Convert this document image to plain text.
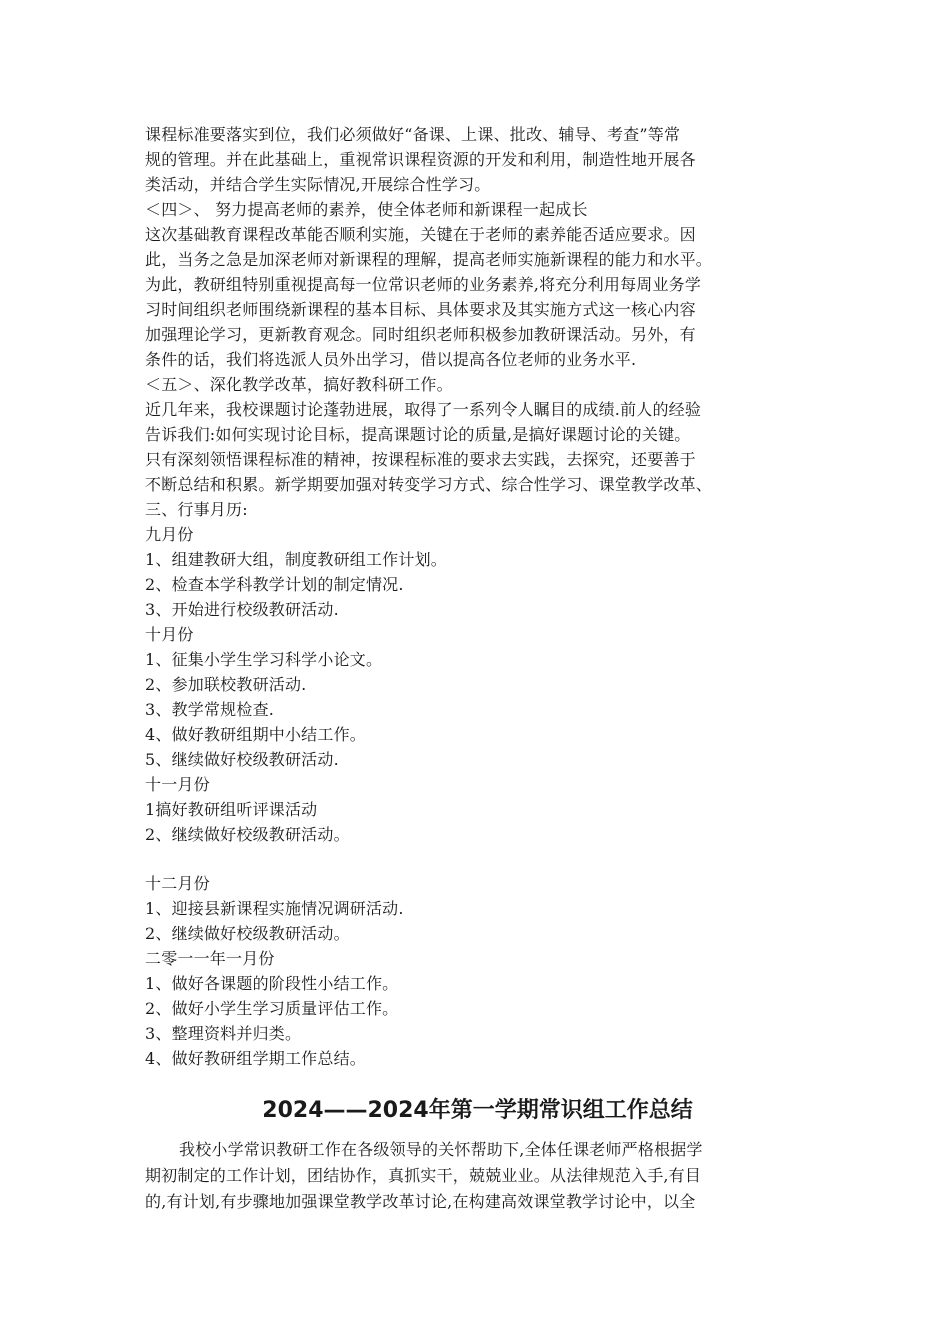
课程标准要落实到位，我们必须做好“备课、上课、批改、辅导、考查”等常
规的管理。并在此基础上，重视常识课程资源的开发和利用，制造性地开展各
类活动，并结合学生实际情况,开展综合性学习。
＜四＞、 努力提高老师的素养，使全体老师和新课程一起成长
这次基础教育课程改革能否顺利实施，关键在于老师的素养能否适应要求。因
此，当务之急是加深老师对新课程的理解，提高老师实施新课程的能力和水平。
为此，教研组特别重视提高每一位常识老师的业务素养,将充分利用每周业务学
习时间组织老师围绕新课程的基本目标、具体要求及其实施方式这一核心内容
加强理论学习，更新教育观念。同时组织老师积极参加教研课活动。另外，有
条件的话，我们将选派人员外出学习，借以提高各位老师的业务水平.
＜五＞、深化教学改革，搞好教科研工作。
近几年来，我校课题讨论蓬勃进展，取得了一系列令人瞩目的成绩.前人的经验
告诉我们:如何实现讨论目标，提高课题讨论的质量,是搞好课题讨论的关键。
只有深刻领悟课程标准的精神，按课程标准的要求去实践，去探究，还要善于
不断总结和积累。新学期要加强对转变学习方式、综合性学习、课堂教学改革、
三、行事月历:
九月份
1、组建教研大组，制度教研组工作计划。
2、检查本学科教学计划的制定情况.
3、开始进行校级教研活动.
十月份
1、征集小学生学习科学小论文。
2、参加联校教研活动.
3、教学常规检查.
4、做好教研组期中小结工作。
5、继续做好校级教研活动.
十一月份
1搞好教研组听评课活动
2、继续做好校级教研活动。
十二月份
1、迎接县新课程实施情况调研活动.
2、继续做好校级教研活动。
二零一一年一月份
1、做好各课题的阶段性小结工作。
2、做好小学生学习质量评估工作。
3、整理资料并归类。
4、做好教研组学期工作总结。
2024——2024年第一学期常识组工作总结
我校小学常识教研工作在各级领导的关怀帮助下,全体任课老师严格根据学
期初制定的工作计划，团结协作，真抓实干，兢兢业业。从法律规范入手,有目
的,有计划,有步骤地加强课堂教学改革讨论,在构建高效课堂教学讨论中，以全
